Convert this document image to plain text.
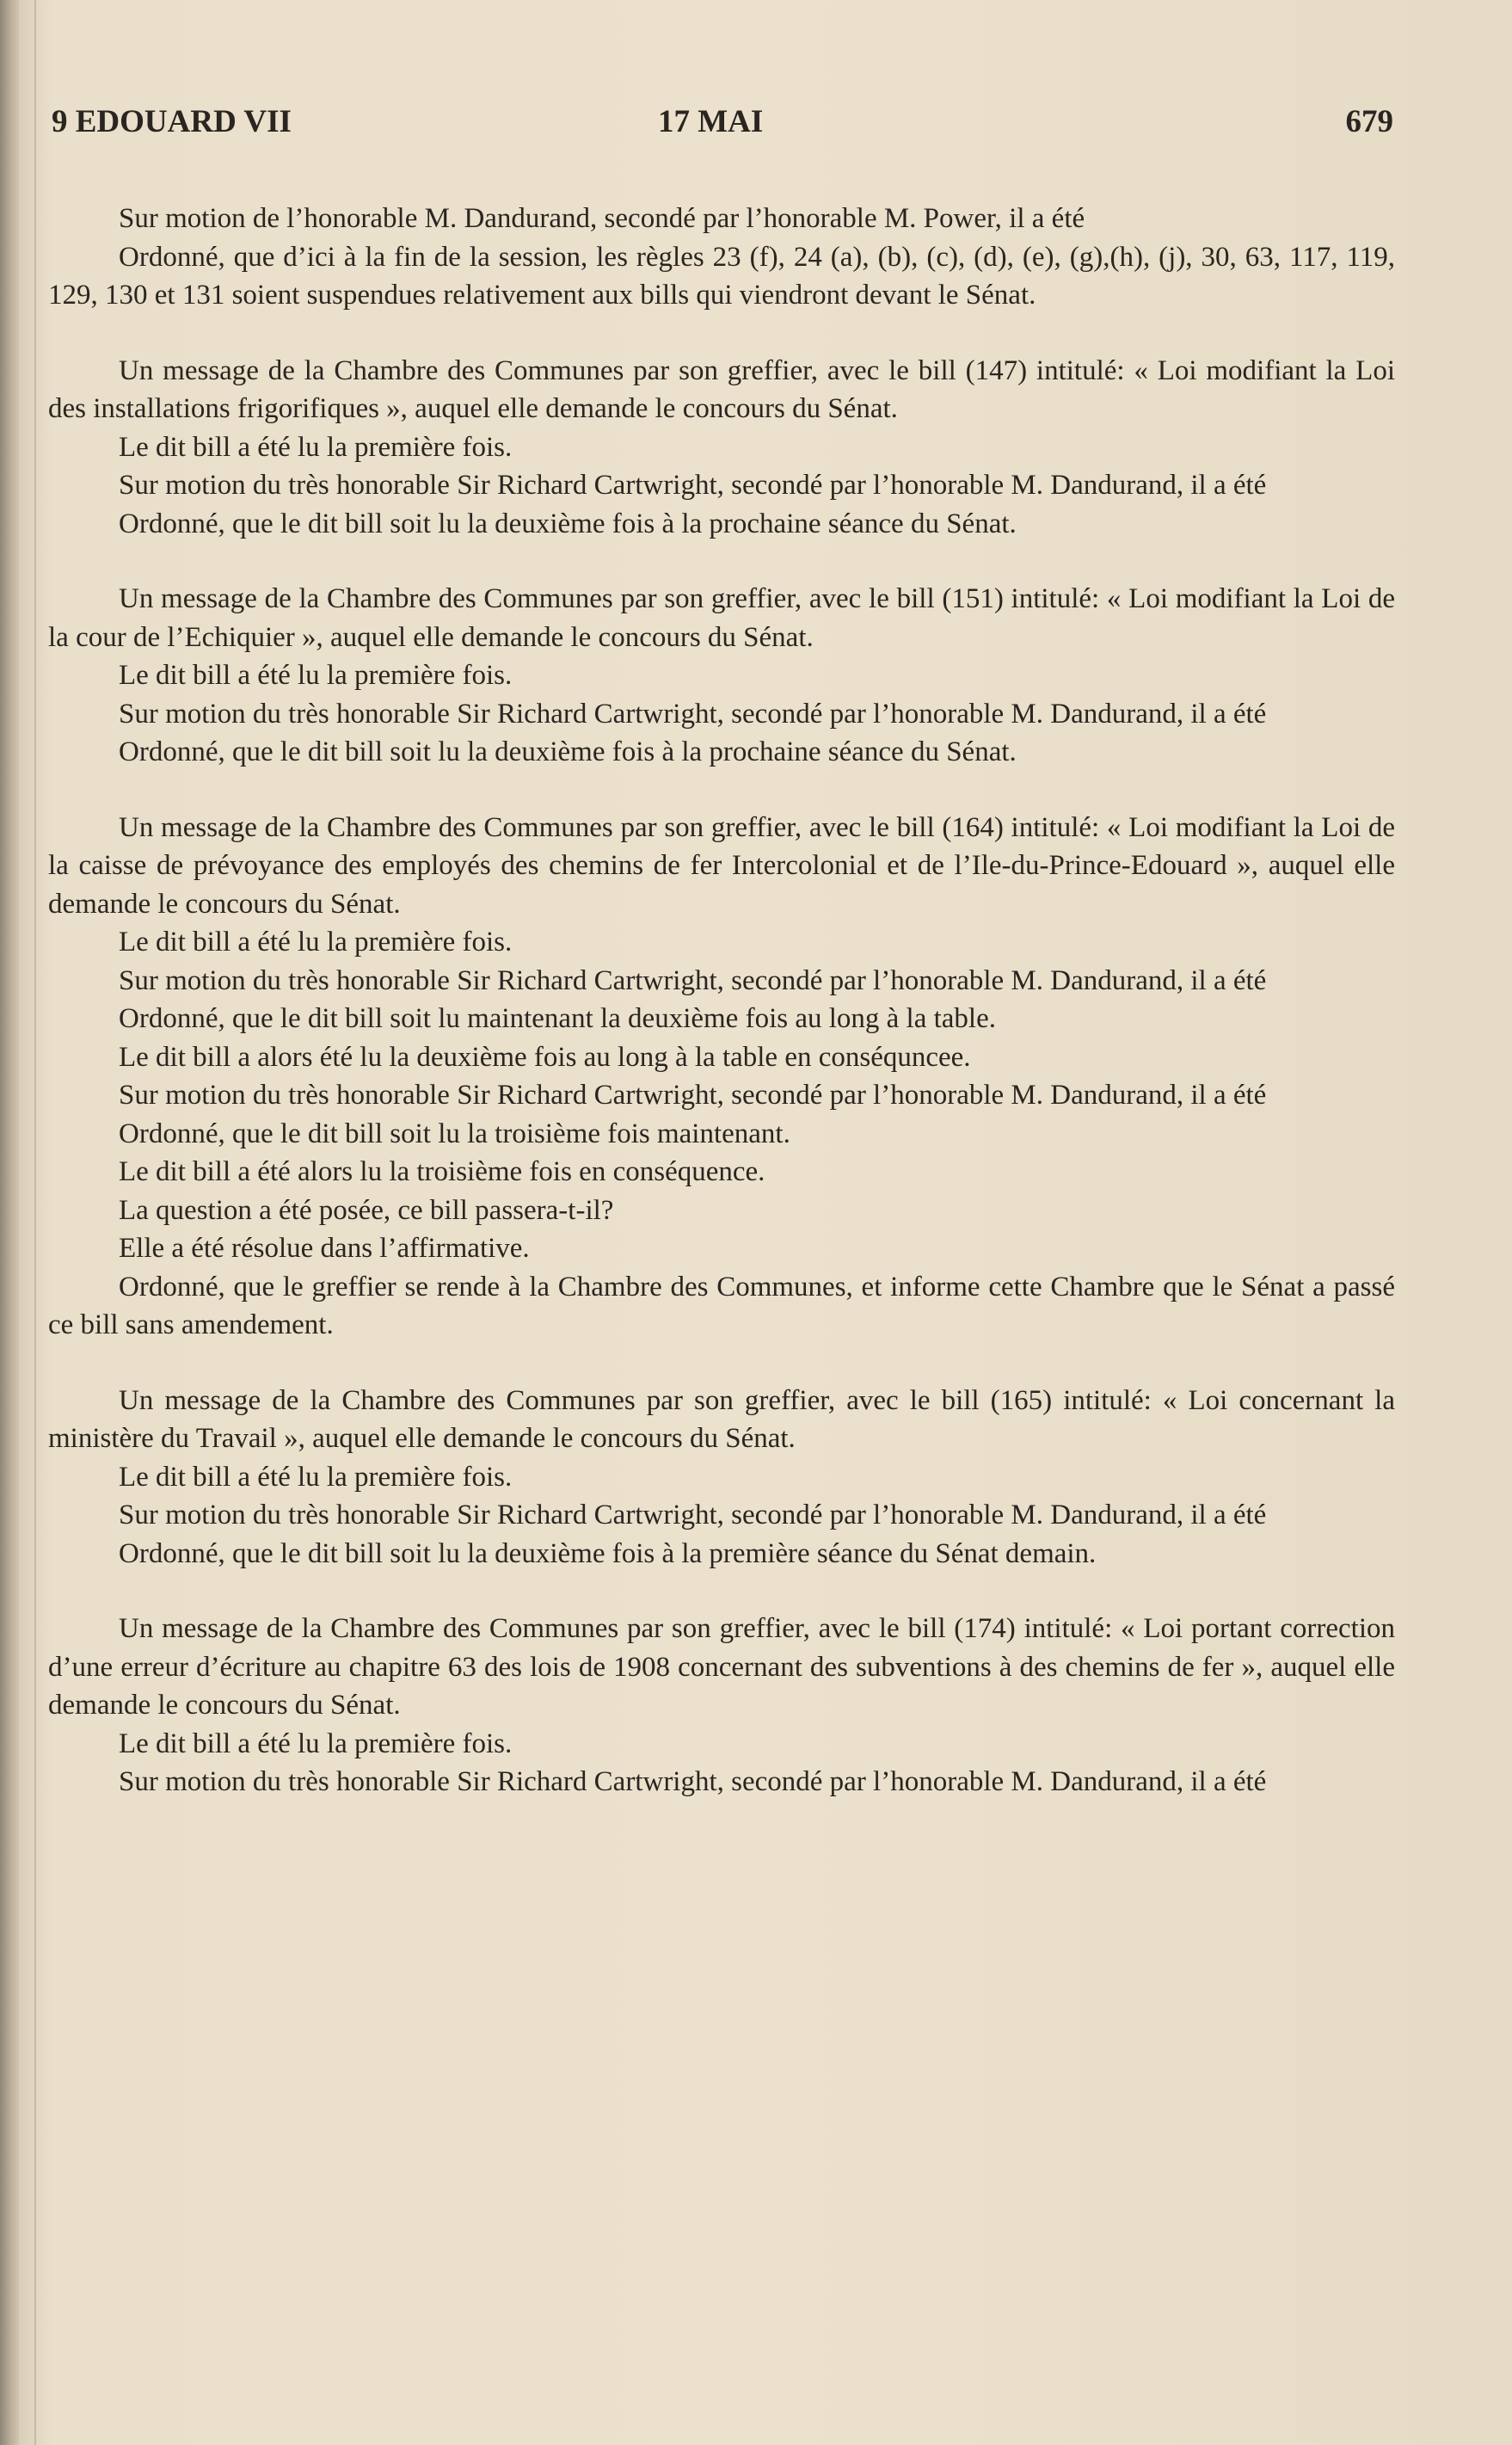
9 EDOUARD VII	17 MAI	679

Sur motion de l’honorable M. Dandurand, secondé par l’honorable M. Power, il a été

Ordonné, que d’ici à la fin de la session, les règles 23 (f), 24 (a), (b), (c), (d), (e), (g),(h), (j), 30, 63, 117, 119, 129, 130 et 131 soient suspendues relativement aux bills qui viendront devant le Sénat.

Un message de la Chambre des Communes par son greffier, avec le bill (147) intitulé: « Loi modifiant la Loi des installations frigorifiques », auquel elle demande le concours du Sénat.

Le dit bill a été lu la première fois.

Sur motion du très honorable Sir Richard Cartwright, secondé par l’honorable M. Dandurand, il a été

Ordonné, que le dit bill soit lu la deuxième fois à la prochaine séance du Sénat.

Un message de la Chambre des Communes par son greffier, avec le bill (151) intitulé: « Loi modifiant la Loi de la cour de l’Echiquier », auquel elle demande le concours du Sénat.

Le dit bill a été lu la première fois.

Sur motion du très honorable Sir Richard Cartwright, secondé par l’honorable M. Dandurand, il a été

Ordonné, que le dit bill soit lu la deuxième fois à la prochaine séance du Sénat.

Un message de la Chambre des Communes par son greffier, avec le bill (164) intitulé: « Loi modifiant la Loi de la caisse de prévoyance des employés des chemins de fer Intercolonial et de l’Ile-du-Prince-Edouard », auquel elle demande le concours du Sénat.

Le dit bill a été lu la première fois.

Sur motion du très honorable Sir Richard Cartwright, secondé par l’honorable M. Dandurand, il a été

Ordonné, que le dit bill soit lu maintenant la deuxième fois au long à la table.

Le dit bill a alors été lu la deuxième fois au long à la table en conséquncee.

Sur motion du très honorable Sir Richard Cartwright, secondé par l’honorable M. Dandurand, il a été

Ordonné, que le dit bill soit lu la troisième fois maintenant.

Le dit bill a été alors lu la troisième fois en conséquence.

La question a été posée, ce bill passera-t-il?

Elle a été résolue dans l’affirmative.

Ordonné, que le greffier se rende à la Chambre des Communes, et informe cette Chambre que le Sénat a passé ce bill sans amendement.

Un message de la Chambre des Communes par son greffier, avec le bill (165) intitulé: « Loi concernant la ministère du Travail », auquel elle demande le concours du Sénat.

Le dit bill a été lu la première fois.

Sur motion du très honorable Sir Richard Cartwright, secondé par l’honorable M. Dandurand, il a été

Ordonné, que le dit bill soit lu la deuxième fois à la première séance du Sénat demain.

Un message de la Chambre des Communes par son greffier, avec le bill (174) intitulé: « Loi portant correction d’une erreur d’écriture au chapitre 63 des lois de 1908 concernant des subventions à des chemins de fer », auquel elle demande le concours du Sénat.

Le dit bill a été lu la première fois.

Sur motion du très honorable Sir Richard Cartwright, secondé par l’honorable M. Dandurand, il a été
